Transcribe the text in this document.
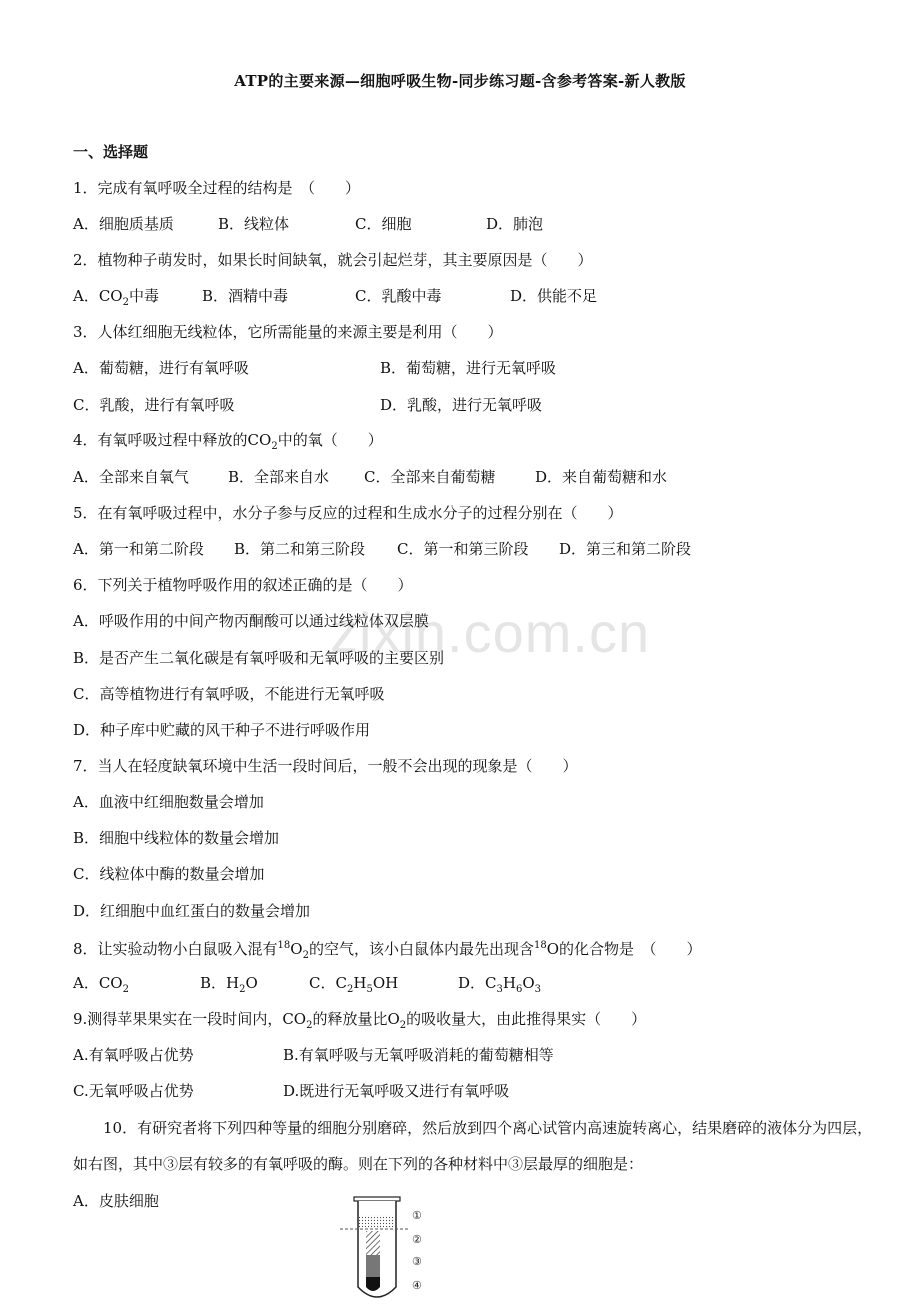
ATP的主要来源—细胞呼吸生物-同步练习题-含参考答案-新人教版
一、选择题
zixin.com.cn
1．完成有氧呼吸全过程的结构是　（　　）
A．细胞质基质	B．线粒体	C．细胞	D．肺泡
2．植物种子萌发时，如果长时间缺氧，就会引起烂芽，其主要原因是（　　）
A．$CO_2$中毒	B．酒精中毒	C．乳酸中毒	D．供能不足
3．人体红细胞无线粒体，它所需能量的来源主要是利用（　　）
A．葡萄糖，进行有氧呼吸	B．葡萄糖，进行无氧呼吸
C．乳酸，进行有氧呼吸	D．乳酸，进行无氧呼吸
4．有氧呼吸过程中释放的$CO_2$中的氧（　　）
A．全部来自氧气	B．全部来自水 C．全部来自葡萄糖	D．来自葡萄糖和水
5．在有氧呼吸过程中，水分子参与反应的过程和生成水分子的过程分别在（　　）
A．第一和第二阶段 B．第二和第三阶段 C．第一和第三阶段 D．第三和第二阶段
6．下列关于植物呼吸作用的叙述正确的是（　　）
A．呼吸作用的中间产物丙酮酸可以通过线粒体双层膜
B．是否产生二氧化碳是有氧呼吸和无氧呼吸的主要区别
C．高等植物进行有氧呼吸，不能进行无氧呼吸
D．种子库中贮藏的风干种子不进行呼吸作用
7．当人在轻度缺氧环境中生活一段时间后，一般不会出现的现象是（　　）
A．血液中红细胞数量会增加
B．细胞中线粒体的数量会增加
C．线粒体中酶的数量会增加
D．红细胞中血红蛋白的数量会增加
8．让实验动物小白鼠吸入混有$^{18}O_2$的空气，该小白鼠体内最先出现含$^{18}$O的化合物是　（　　）
A．$CO_2$	B．$H_2O$	C．$C_2H_5OH$	D．$C_3H_6O_3$
9.测得苹果果实在一段时间内，$CO_2$的释放量比$O_2$的吸收量大，由此推得果实（　　）
A.有氧呼吸占优势	B.有氧呼吸与无氧呼吸消耗的葡萄糖相等
C.无氧呼吸占优势	D.既进行无氧呼吸又进行有氧呼吸
10．有研究者将下列四种等量的细胞分别磨碎，然后放到四个离心试管内高速旋转离心，结果磨碎的液体分为四层，如右图，其中③层有较多的有氧呼吸的酶。则在下列的各种材料中③层最厚的细胞是：
A．皮肤细胞
①
②
③
④
